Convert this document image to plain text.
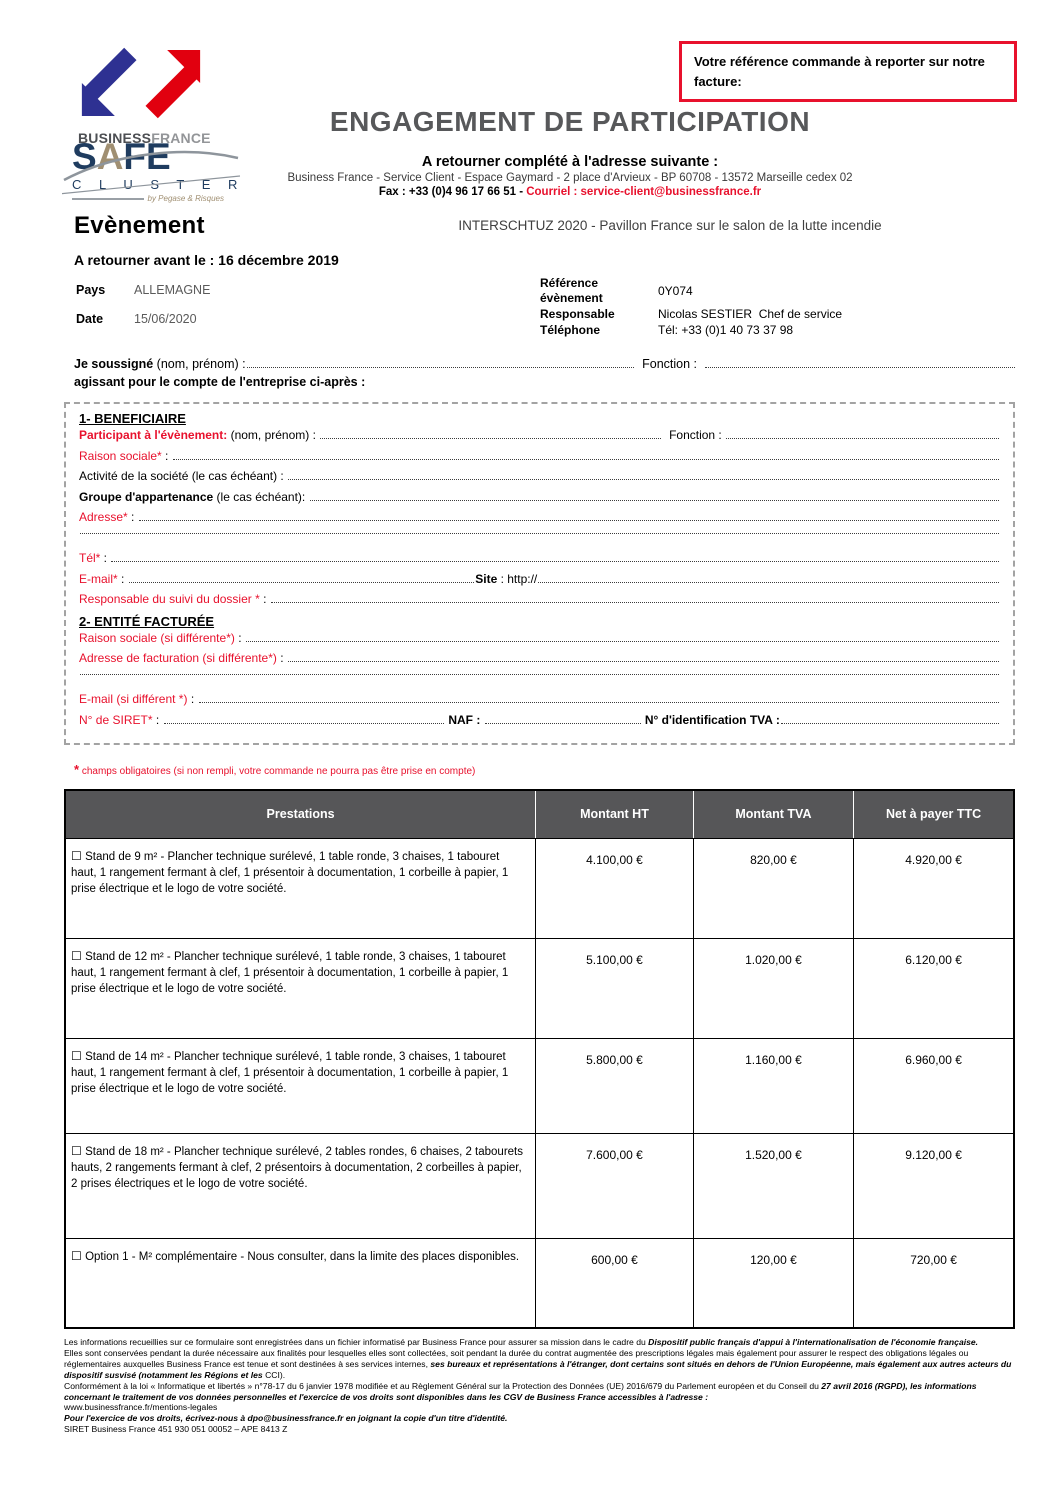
BUSINESSFRANCE
SAFE
C L U S T E R
by Pegase & Risques
Votre référence commande à reporter sur notre facture:
ENGAGEMENT DE PARTICIPATION
A retourner complété à l'adresse suivante :
Business France - Service Client - Espace Gaymard - 2 place d'Arvieux - BP 60708 - 13572 Marseille cedex 02
Fax : +33 (0)4 96 17 66 51 - Courriel : service-client@businessfrance.fr
INTERSCHTUZ 2020 - Pavillon France sur le salon de la lutte incendie
Evènement
A retourner avant le : 16 décembre 2019
Pays	ALLEMAGNE
Date	15/06/2020
Référence évènement
0Y074
Responsable	Nicolas SESTIER  Chef de service
Téléphone	Tél: +33 (0)1 40 73 37 98
Je soussigné (nom, prénom) :	Fonction :
agissant pour le compte de l'entreprise ci-après :
1- BENEFICIAIRE
Participant à l'évènement: (nom, prénom) :	Fonction :
Raison sociale* :
Activité de la société (le cas échéant) :
Groupe d'appartenance (le cas échéant):
Adresse* :
Tél* :
E-mail* :	Site : http://
Responsable du suivi du dossier * :
2- ENTITÉ FACTURÉE
Raison sociale (si différente*) :
Adresse de facturation (si différente*) :
E-mail (si différent *) :
N° de SIRET* :	NAF :	N° d'identification TVA :
* champs obligatoires (si non rempli, votre commande ne pourra pas être prise en compte)
Prestations	Montant HT	Montant TVA	Net à payer TTC
☐ Stand de 9 m² - Plancher technique surélevé, 1 table ronde, 3 chaises, 1 tabouret haut, 1 rangement fermant à clef, 1 présentoir à documentation, 1 corbeille à papier, 1 prise électrique et le logo de votre société.	4.100,00 €	820,00 €	4.920,00 €
☐ Stand de 12 m² - Plancher technique surélevé, 1 table ronde, 3 chaises, 1 tabouret haut, 1 rangement fermant à clef, 1 présentoir à documentation, 1 corbeille à papier, 1 prise électrique et le logo de votre société.	5.100,00 €	1.020,00 €	6.120,00 €
☐ Stand de 14 m² - Plancher technique surélevé, 1 table ronde, 3 chaises, 1 tabouret haut, 1 rangement fermant à clef, 1 présentoir à documentation, 1 corbeille à papier, 1 prise électrique et le logo de votre société.	5.800,00 €	1.160,00 €	6.960,00 €
☐ Stand de 18 m² - Plancher technique surélevé, 2 tables rondes, 6 chaises, 2 tabourets hauts, 2 rangements fermant à clef, 2 présentoirs à documentation, 2 corbeilles à papier, 2 prises électriques et le logo de votre société.	7.600,00 €	1.520,00 €	9.120,00 €
☐ Option 1 - M² complémentaire - Nous consulter, dans la limite des places disponibles.	600,00 €	120,00 €	720,00 €

Les informations recueillies sur ce formulaire sont enregistrées dans un fichier informatisé par Business France pour assurer sa mission dans le cadre du Dispositif public français d'appui à l'internationalisation de l'économie française.

Elles sont conservées pendant la durée nécessaire aux finalités pour lesquelles elles sont collectées, soit pendant la durée du contrat augmentée des prescriptions légales mais également pour assurer le respect des obligations légales ou réglementaires auxquelles Business France est tenue et sont destinées à ses services internes, ses bureaux et représentations à l'étranger, dont certains sont situés en dehors de l'Union Européenne, mais également aux autres acteurs du dispositif susvisé (notamment les Régions et les CCI).

Conformément à la loi « Informatique et libertés » n°78-17 du 6 janvier 1978 modifiée et au Règlement Général sur la Protection des Données (UE) 2016/679 du Parlement européen et du Conseil du 27 avril 2016 (RGPD), les informations concernant le traitement de vos données personnelles et l'exercice de vos droits sont disponibles dans les CGV de Business France accessibles à l'adresse :

www.businessfrance.fr/mentions-legales

Pour l'exercice de vos droits, écrivez-nous à dpo@businessfrance.fr en joignant la copie d'un titre d'identité.

SIRET Business France 451 930 051 00052 – APE 8413 Z
